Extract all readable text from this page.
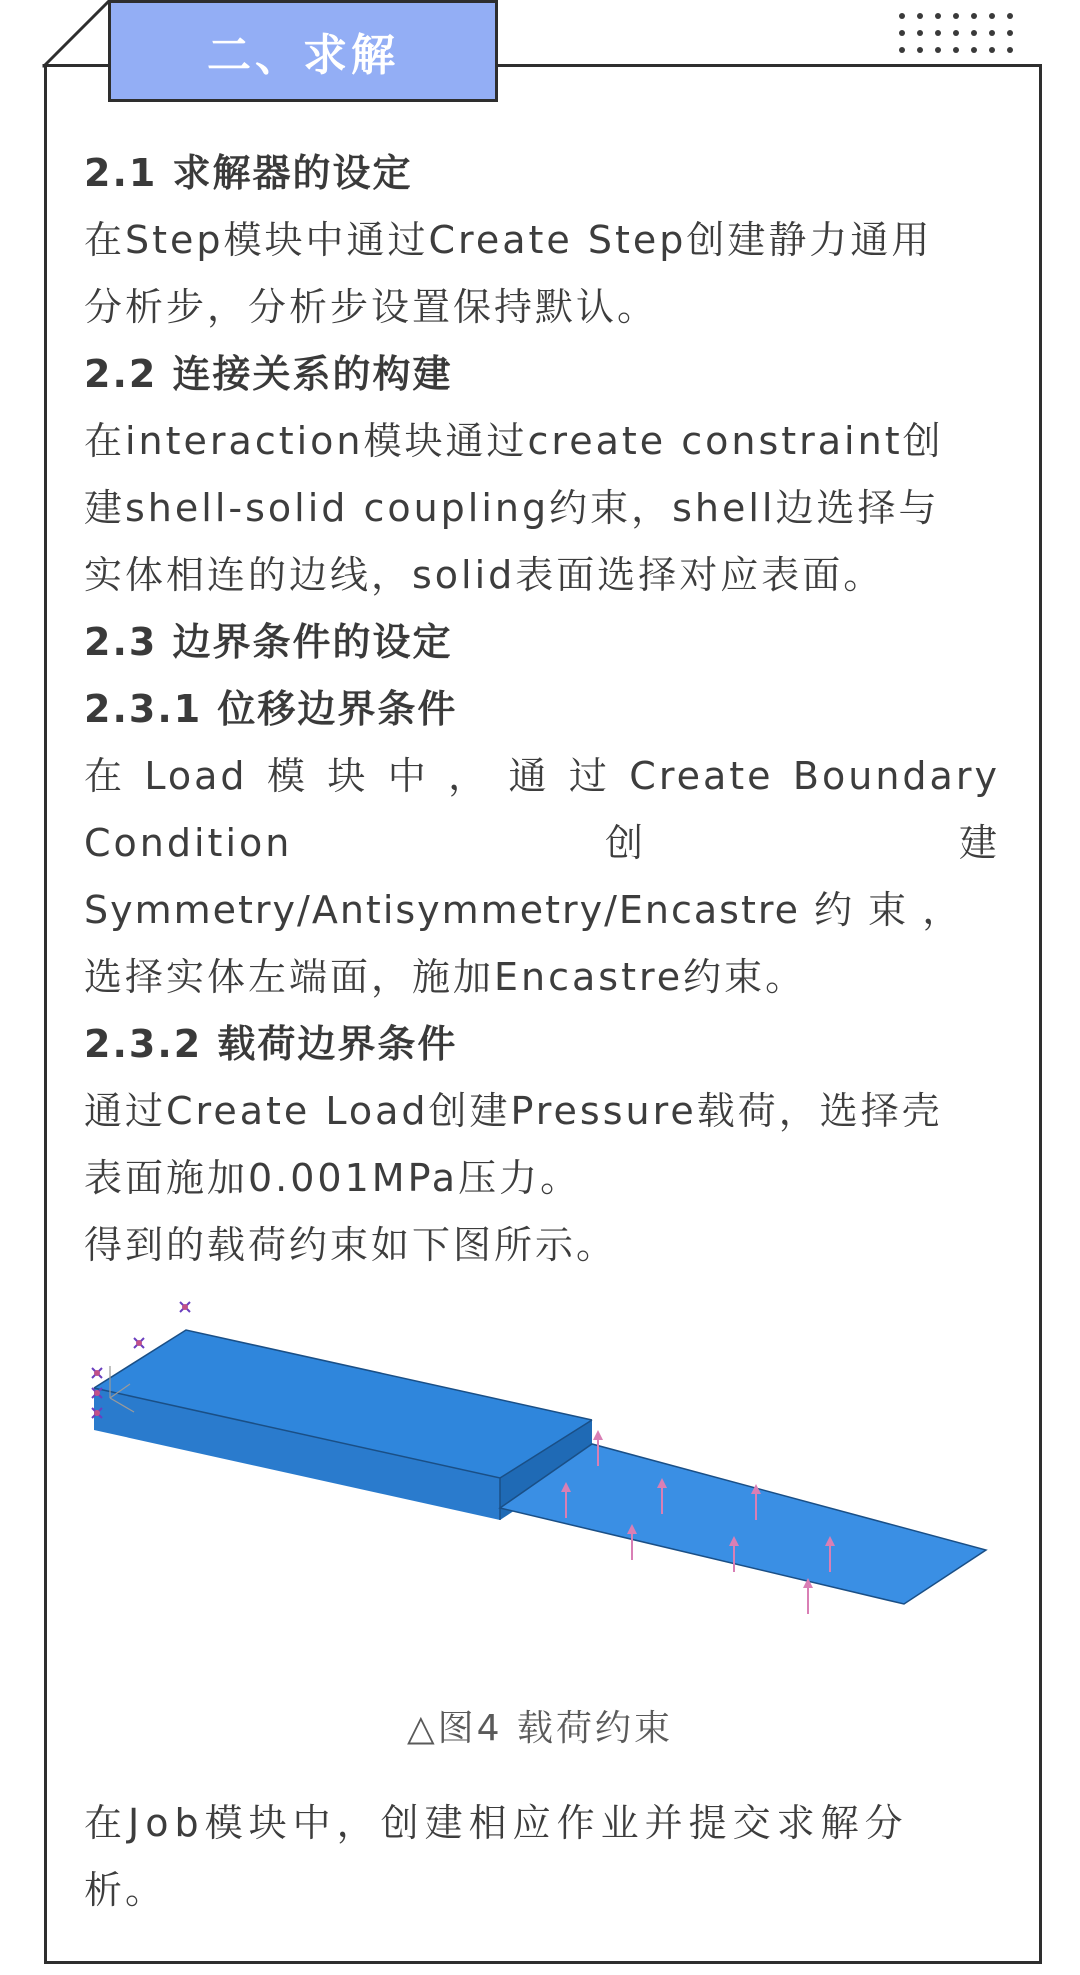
二、求解
2.1 求解器的设定
在Step模块中通过Create Step创建静力通用
分析步，分析步设置保持默认。
2.2 连接关系的构建
在interaction模块通过create constraint创
建shell-solid coupling约束，shell边选择与
实体相连的边线，solid表面选择对应表面。
2.3 边界条件的设定
2.3.1 位移边界条件
在 Load 模 块 中 ， 通 过 Create Boundary
Condition	创	建
Symmetry/Antisymmetry/Encastre 约 束 ，
选择实体左端面，施加Encastre约束。
2.3.2 载荷边界条件
通过Create Load创建Pressure载荷，选择壳
表面施加0.001MPa压力。
得到的载荷约束如下图所示。
△图4 载荷约束
在Job模块中，创建相应作业并提交求解分
析。
